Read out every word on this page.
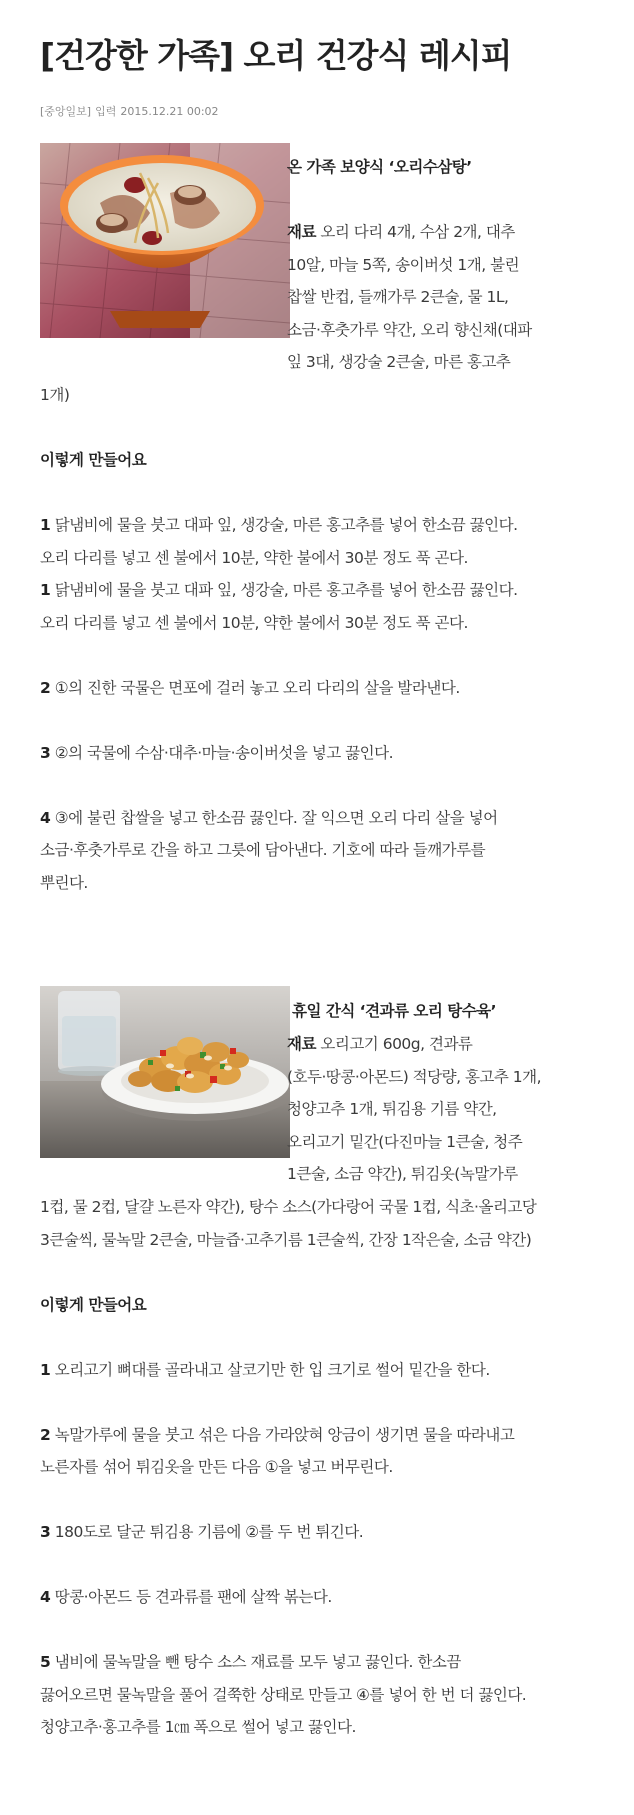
[건강한 가족] 오리 건강식 레시피
[중앙일보] 입력 2015.12.21 00:02
온 가족 보양식 ‘오리수삼탕’
재료 오리 다리 4개, 수삼 2개, 대추
10알, 마늘 5쪽, 송이버섯 1개, 불린
찹쌀 반컵, 들깨가루 2큰술, 물 1L,
소금·후춧가루 약간, 오리 향신채(대파
잎 3대, 생강술 2큰술, 마른 홍고추
1개)
이렇게 만들어요
1 닭냄비에 물을 붓고 대파 잎, 생강술, 마른 홍고추를 넣어 한소끔 끓인다.
오리 다리를 넣고 센 불에서 10분, 약한 불에서 30분 정도 푹 곤다.
1 닭냄비에 물을 붓고 대파 잎, 생강술, 마른 홍고추를 넣어 한소끔 끓인다.
오리 다리를 넣고 센 불에서 10분, 약한 불에서 30분 정도 푹 곤다.
2 ①의 진한 국물은 면포에 걸러 놓고 오리 다리의 살을 발라낸다.
3 ②의 국물에 수삼·대추·마늘·송이버섯을 넣고 끓인다.
4 ③에 불린 찹쌀을 넣고 한소끔 끓인다. 잘 익으면 오리 다리 살을 넣어
소금·후춧가루로 간을 하고 그릇에 담아낸다. 기호에 따라 들깨가루를
뿌린다.
휴일 간식 ‘견과류 오리 탕수육’
재료 오리고기 600g, 견과류
(호두·땅콩·아몬드) 적당량, 홍고추 1개,
청양고추 1개, 튀김용 기름 약간,
오리고기 밑간(다진마늘 1큰술, 청주
1큰술, 소금 약간), 튀김옷(녹말가루
1컵, 물 2컵, 달걀 노른자 약간), 탕수 소스(가다랑어 국물 1컵, 식초·올리고당
3큰술씩, 물녹말 2큰술, 마늘즙·고추기름 1큰술씩, 간장 1작은술, 소금 약간)
이렇게 만들어요
1 오리고기 뼈대를 골라내고 살코기만 한 입 크기로 썰어 밑간을 한다.
2 녹말가루에 물을 붓고 섞은 다음 가라앉혀 앙금이 생기면 물을 따라내고
노른자를 섞어 튀김옷을 만든 다음 ①을 넣고 버무린다.
3 180도로 달군 튀김용 기름에 ②를 두 번 튀긴다.
4 땅콩·아몬드 등 견과류를 팬에 살짝 볶는다.
5 냄비에 물녹말을 뺀 탕수 소스 재료를 모두 넣고 끓인다. 한소끔
끓어오르면 물녹말을 풀어 걸쭉한 상태로 만들고 ④를 넣어 한 번 더 끓인다.
청양고추·홍고추를 1㎝ 폭으로 썰어 넣고 끓인다.
